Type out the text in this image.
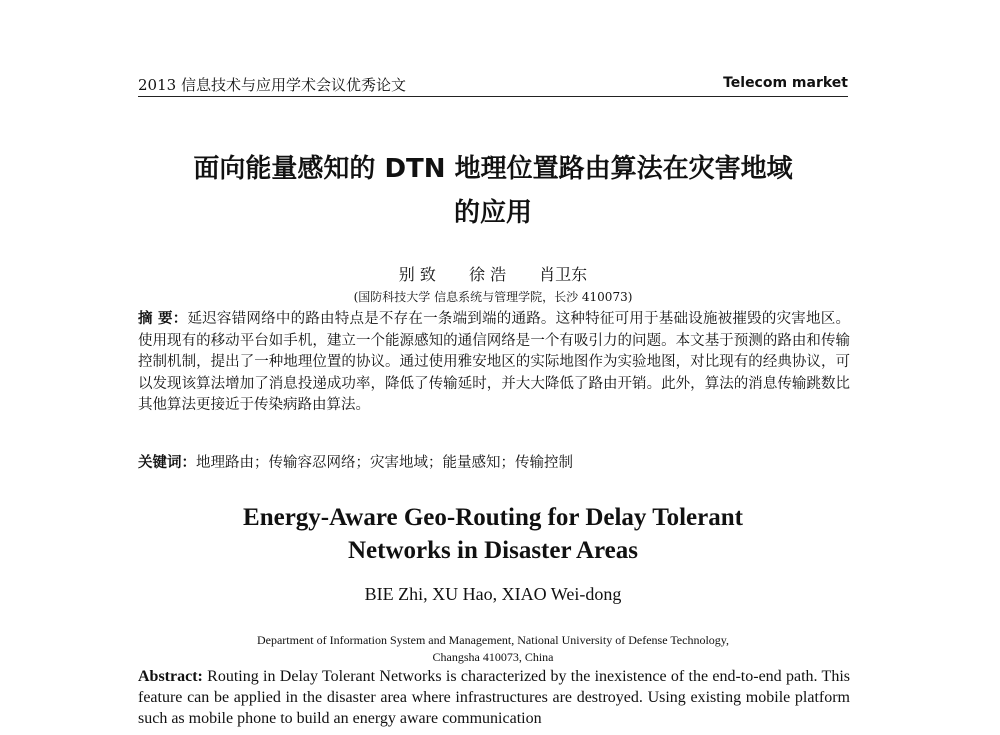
2013 信息技术与应用学术会议优秀论文	Telecom market
面向能量感知的 DTN 地理位置路由算法在灾害地域
的应用
别 致 徐 浩 肖卫东
(国防科技大学 信息系统与管理学院，长沙 410073)
摘 要：延迟容错网络中的路由特点是不存在一条端到端的通路。这种特征可用于基础设施被摧毁的灾害地区。使用现有的移动平台如手机，建立一个能源感知的通信网络是一个有吸引力的问题。本文基于预测的路由和传输控制机制，提出了一种地理位置的协议。通过使用雅安地区的实际地图作为实验地图，对比现有的经典协议，可以发现该算法增加了消息投递成功率，降低了传输延时，并大大降低了路由开销。此外，算法的消息传输跳数比其他算法更接近于传染病路由算法。
关键词：地理路由；传输容忍网络；灾害地域；能量感知；传输控制
Energy-Aware Geo-Routing for Delay Tolerant
Networks in Disaster Areas
BIE Zhi, XU Hao, XIAO Wei-dong
Department of Information System and Management, National University of Defense Technology,
Changsha 410073, China
Abstract: Routing in Delay Tolerant Networks is characterized by the inexistence of the end-to-end path. This feature can be applied in the disaster area where infrastructures are destroyed. Using existing mobile platform such as mobile phone to build an energy aware communication
